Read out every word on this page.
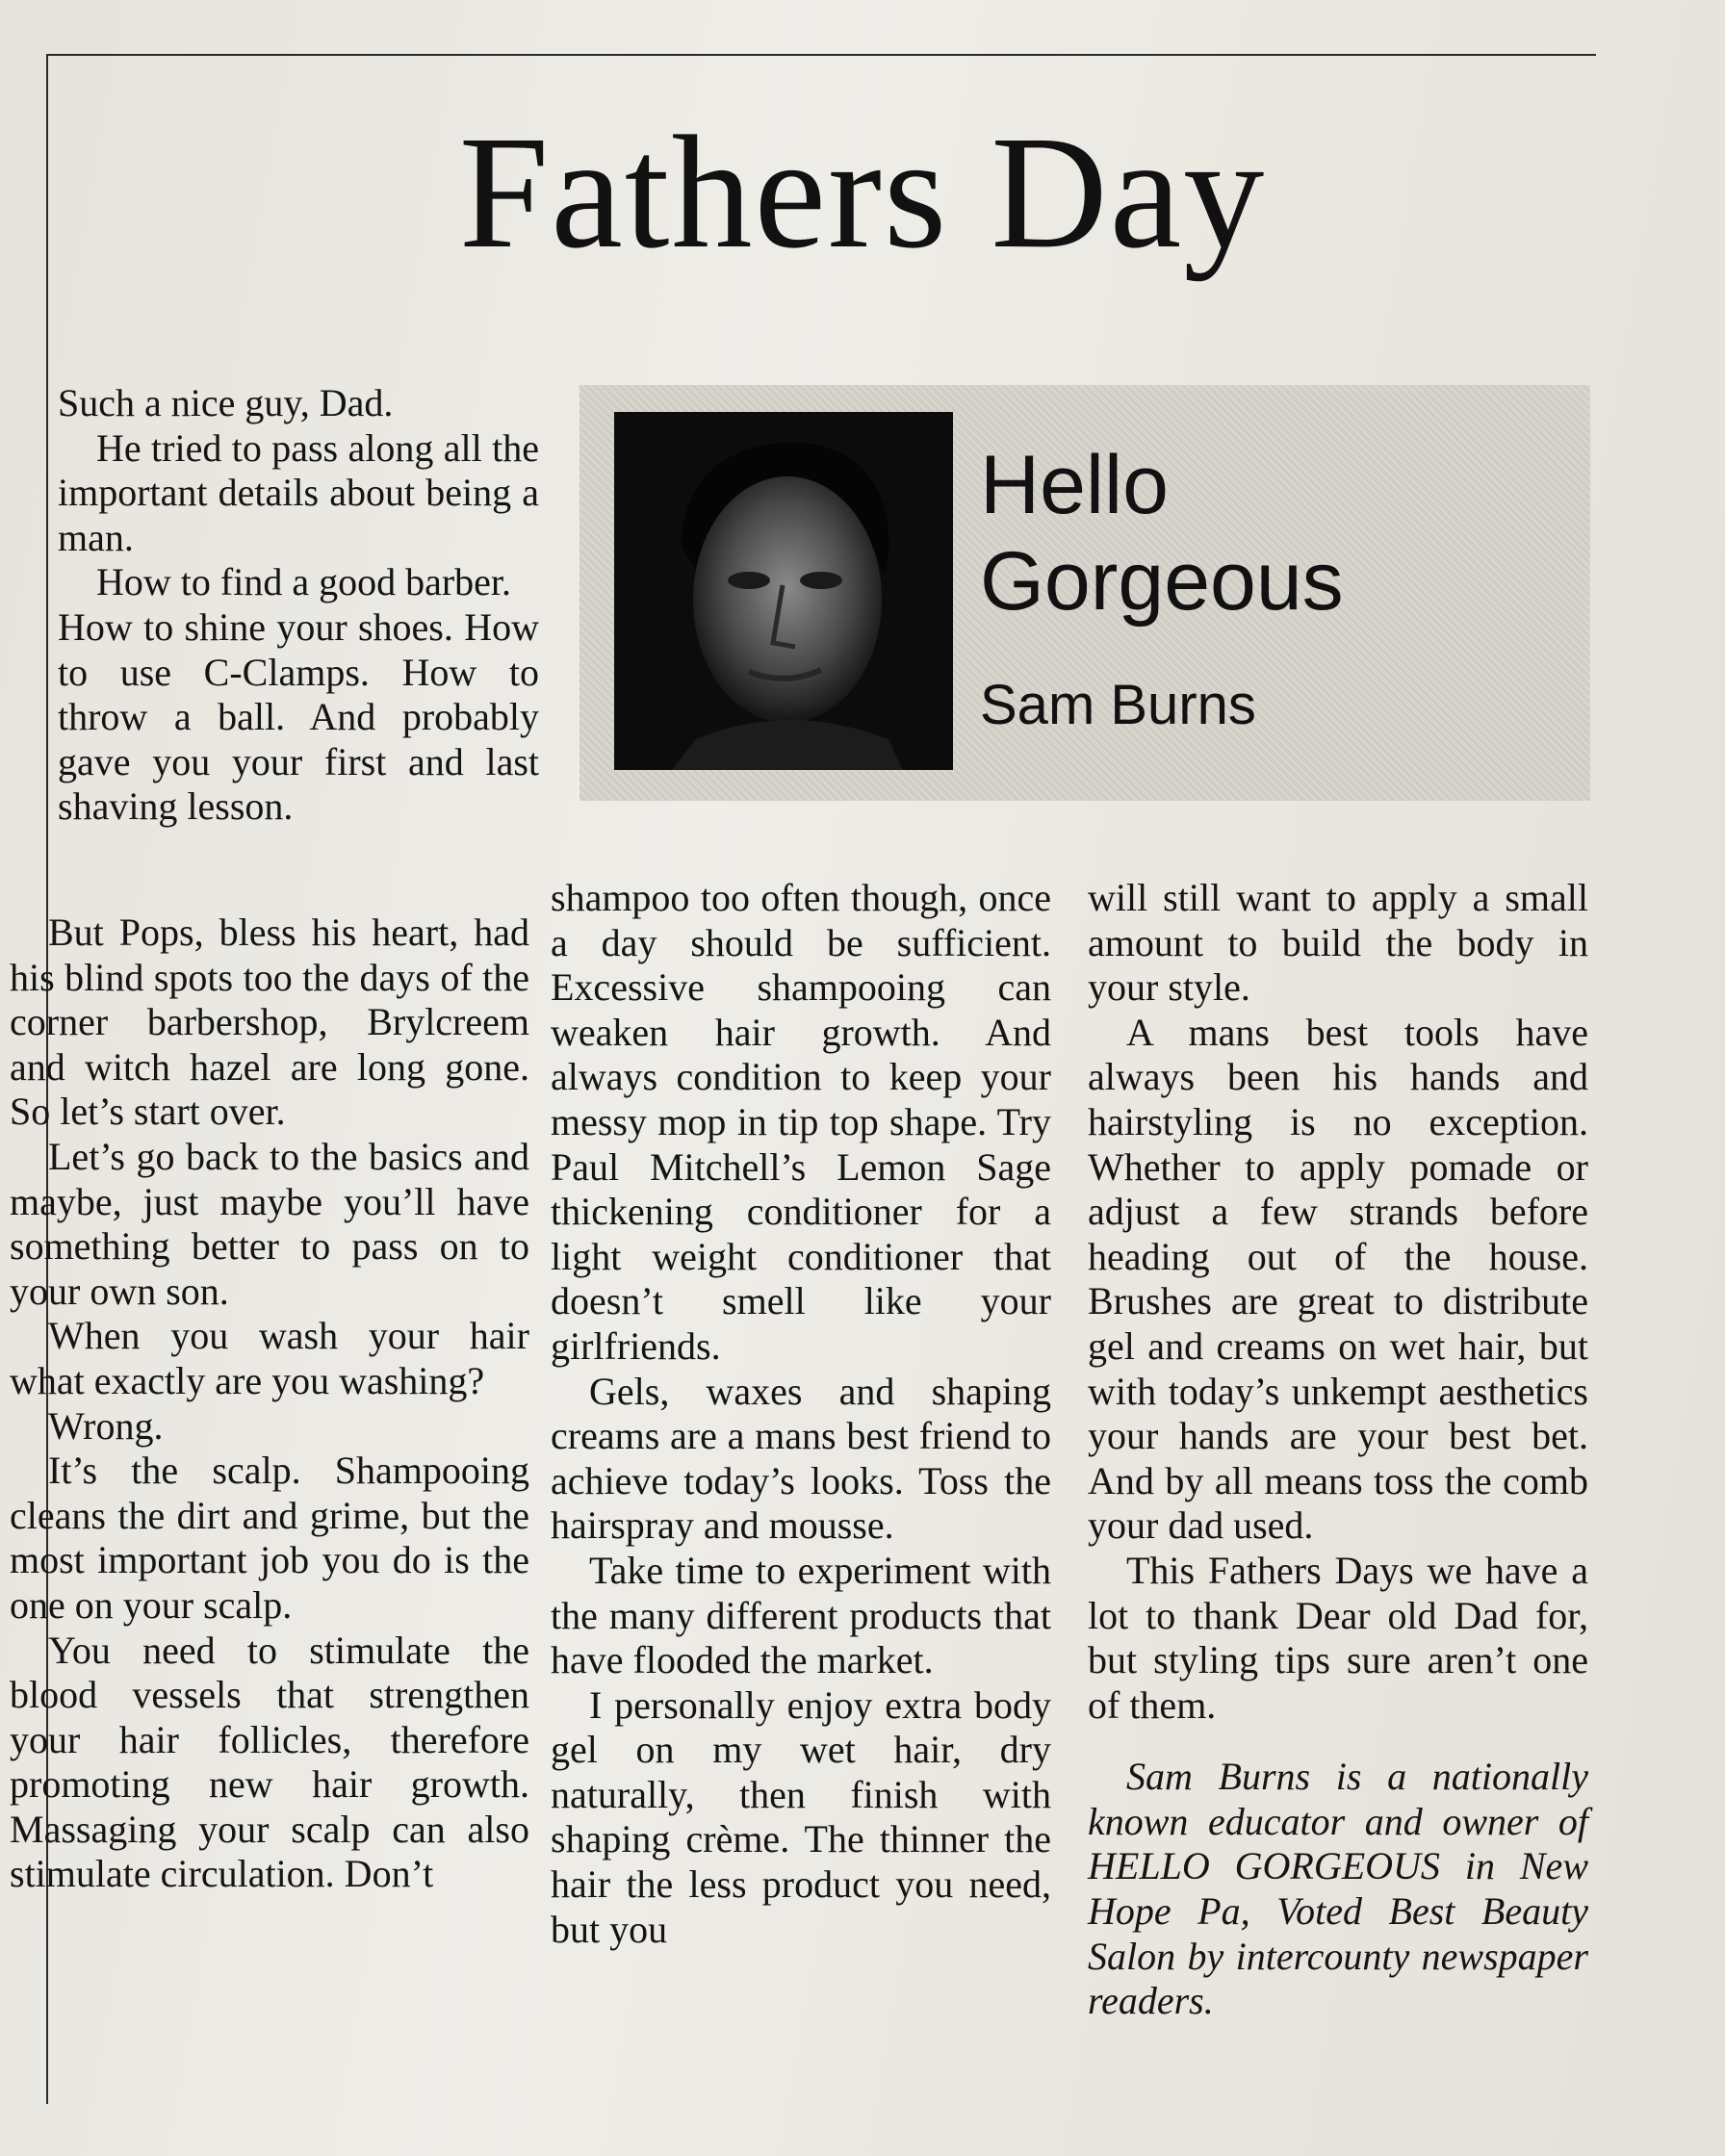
Fathers Day
Hello
Gorgeous
Sam Burns

Such a nice guy, Dad.

He tried to pass along all the important details about being a man.

How to find a good barber.

How to shine your shoes. How to use C-Clamps. How to throw a ball. And probably gave you your first and last shaving lesson.

But Pops, bless his heart, had his blind spots too the days of the corner barbershop, Brylcreem and witch hazel are long gone. So let’s start over.

Let’s go back to the basics and maybe, just maybe you’ll have something better to pass on to your own son.

When you wash your hair what exactly are you washing?

Wrong.

It’s the scalp. Shampooing cleans the dirt and grime, but the most important job you do is the one on your scalp.

You need to stimulate the blood vessels that strengthen your hair follicles, therefore promoting new hair growth. Massaging your scalp can also stimulate circulation. Don’t

shampoo too often though, once a day should be sufficient. Excessive shampooing can weaken hair growth. And always condition to keep your messy mop in tip top shape. Try Paul Mitchell’s Lemon Sage thickening conditioner for a light weight conditioner that doesn’t smell like your girlfriends.

Gels, waxes and shaping creams are a mans best friend to achieve today’s looks. Toss the hairspray and mousse.

Take time to experiment with the many different products that have flooded the market.

I personally enjoy extra body gel on my wet hair, dry naturally, then finish with shaping crème. The thinner the hair the less product you need, but you

will still want to apply a small amount to build the body in your style.

A mans best tools have always been his hands and hairstyling is no exception. Whether to apply pomade or adjust a few strands before heading out of the house. Brushes are great to distribute gel and creams on wet hair, but with today’s unkempt aesthetics your hands are your best bet. And by all means toss the comb your dad used.

This Fathers Days we have a lot to thank Dear old Dad for, but styling tips sure aren’t one of them.

Sam Burns is a nationally known educator and owner of HELLO GORGEOUS in New Hope Pa, Voted Best Beauty Salon by intercounty newspaper readers.
